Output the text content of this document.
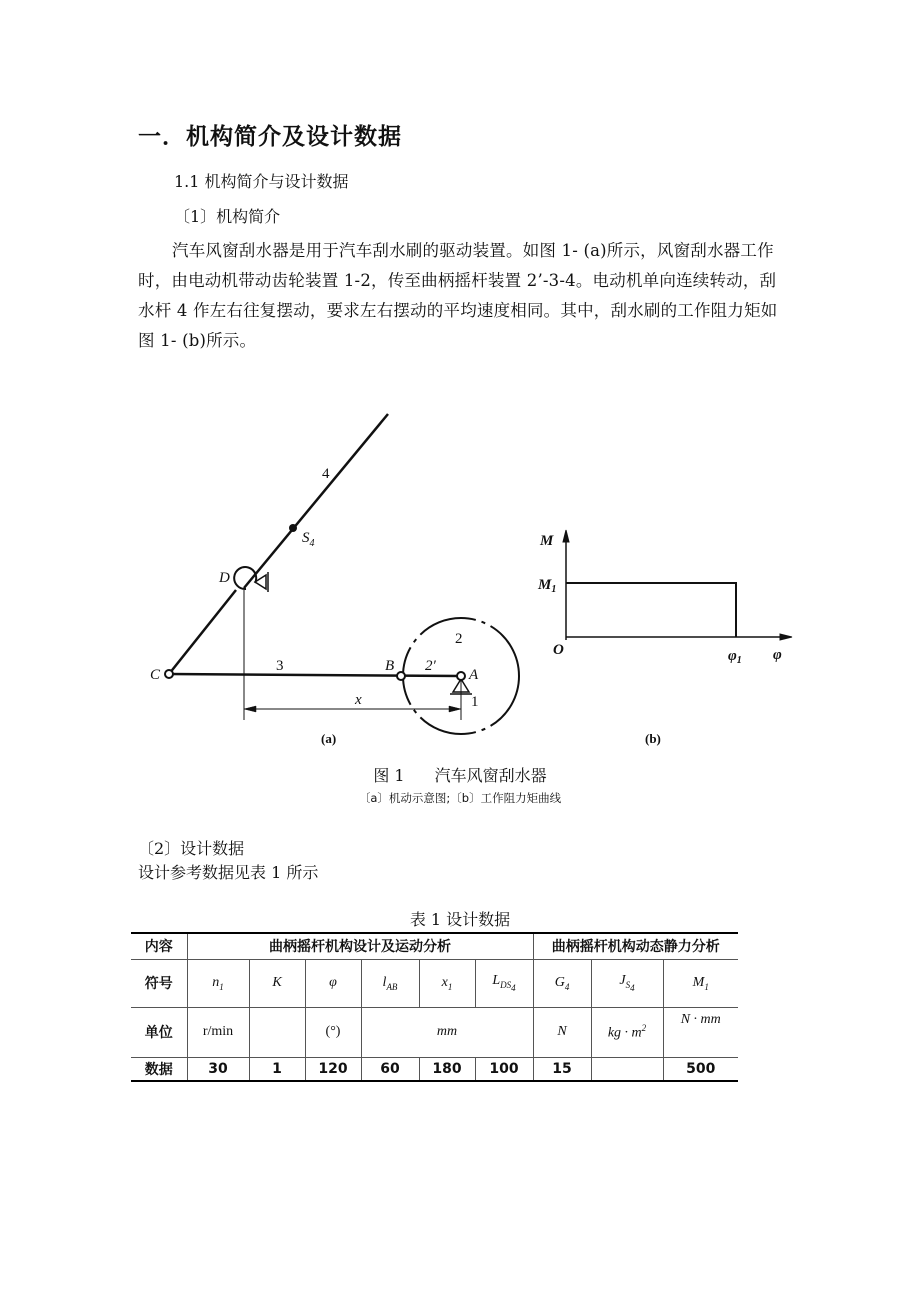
一．机构简介及设计数据
1.1 机构简介与设计数据
〔1〕机构简介
汽车风窗刮水器是用于汽车刮水刷的驱动装置。如图 1- (a)所示，风窗刮水器工作时，由电动机带动齿轮装置 1-2，传至曲柄摇杆装置 2’-3-4。电动机单向连续转动，刮水杆 4 作左右往复摆动，要求左右摆动的平均速度相同。其中，刮水刷的工作阻力矩如图 1- (b)所示。
4
$S_4$
D
C
3	B 2′
A
1
2
x
(a)
M
$M_1$
O	$\varphi_1$ φ
(b)
图 1 汽车风窗刮水器
〔a〕机动示意图;〔b〕工作阻力矩曲线
〔2〕设计数据
设计参考数据见表 1 所示
表 1 设计数据
内容	曲柄摇杆机构设计及运动分析						曲柄摇杆机构动态静力分析		
符号	$n_1$	K	φ	$l_{AB}$	$x_1$	$L_{DS_4}$	$G_4$	$J_{S_4}$	$M_1$
单位	r/min		(°)	mm			N	kg · $m^2$	N · mm
数据	30	1	120	60	180	100	15		500
